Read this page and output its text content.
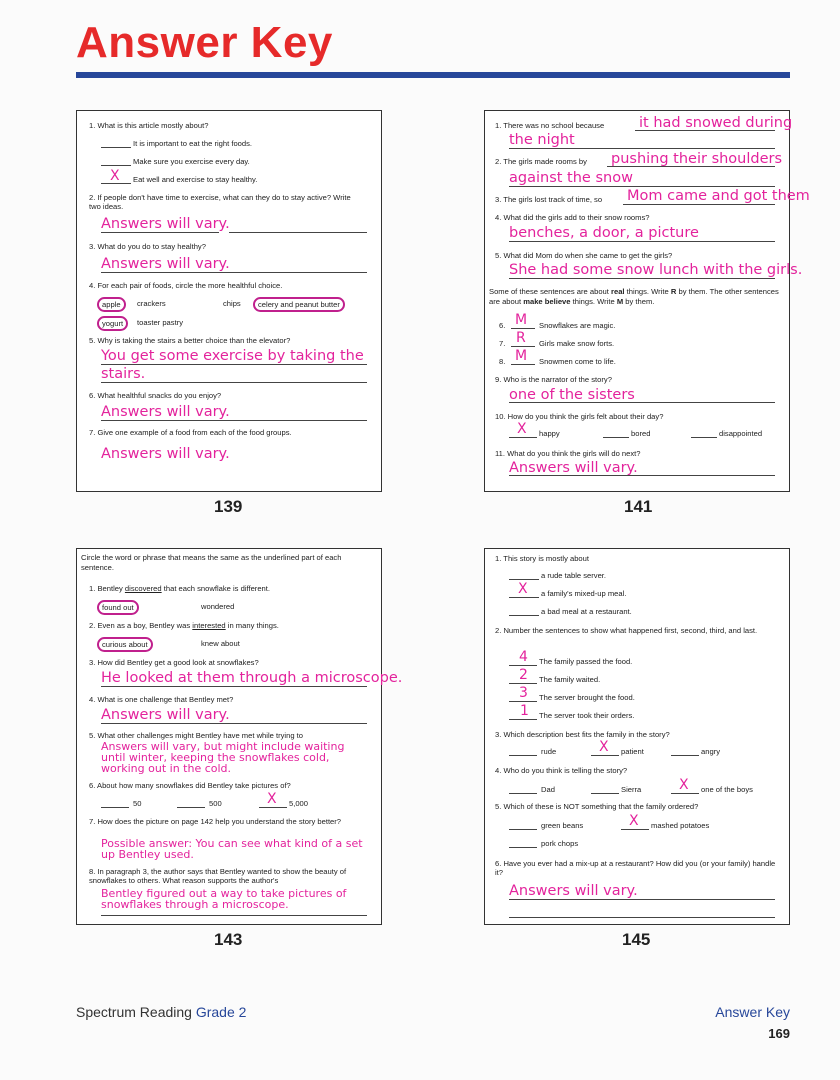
Answer Key
1. What is this article mostly about?
It is important to eat the right foods.
Make sure you exercise every day.
X Eat well and exercise to stay healthy.
2. If people don't have time to exercise, what can they do to stay active? Write two ideas.
Answers will vary.
3. What do you do to stay healthy?
Answers will vary.
4. For each pair of foods, circle the more healthful choice.
apple	crackers	chips	celery and peanut butter
yogurt	toaster pastry
5. Why is taking the stairs a better choice than the elevator?
You get some exercise by taking the
stairs.
6. What healthful snacks do you enjoy?
Answers will vary.
7. Give one example of a food from each of the food groups.
Answers will vary.
139
1. There was no school because it had snowed during
the night
2. The girls made rooms by pushing their shoulders
against the snow
3. The girls lost track of time, so Mom came and got them
4. What did the girls add to their snow rooms?
benches, a door, a picture
5. What did Mom do when she came to get the girls?
She had some snow lunch with the girls.
Some of these sentences are about real things. Write R by them. The other sentences are about make believe things. Write M by them.
6. M Snowflakes are magic.
7. R Girls make snow forts.
8. M Snowmen come to life.
9. Who is the narrator of the story?
one of the sisters
10. How do you think the girls felt about their day?
X happy	bored	disappointed
11. What do you think the girls will do next?
Answers will vary.
141
Circle the word or phrase that means the same as the underlined part of each sentence.
1. Bentley discovered that each snowflake is different.
found out	wondered
2. Even as a boy, Bentley was interested in many things.
curious about	knew about
3. How did Bentley get a good look at snowflakes?
He looked at them through a microscope.
4. What is one challenge that Bentley met?
Answers will vary.
5. What other challenges might Bentley have met while trying to
Answers will vary, but might include waiting until winter, keeping the snowflakes cold, working out in the cold.
6. About how many snowflakes did Bentley take pictures of?
50	500	X 5,000
7. How does the picture on page 142 help you understand the story better?
Possible answer: You can see what kind of a set up Bentley used.
8. In paragraph 3, the author says that Bentley wanted to show the beauty of snowflakes to others. What reason supports the author's
Bentley figured out a way to take pictures of snowflakes through a microscope.
143
1. This story is mostly about
a rude table server.
X a family's mixed-up meal.
a bad meal at a restaurant.
2. Number the sentences to show what happened first, second, third, and last.
4 The family passed the food.
2 The family waited.
3 The server brought the food.
1 The server took their orders.
3. Which description best fits the family in the story?
rude	X patient	angry
4. Who do you think is telling the story?
Dad	Sierra	X one of the boys
5. Which of these is NOT something that the family ordered?
green beans	X mashed potatoes
pork chops
6. Have you ever had a mix-up at a restaurant? How did you (or your family) handle it?
Answers will vary.
145
Spectrum Reading Grade 2	Answer Key
169
